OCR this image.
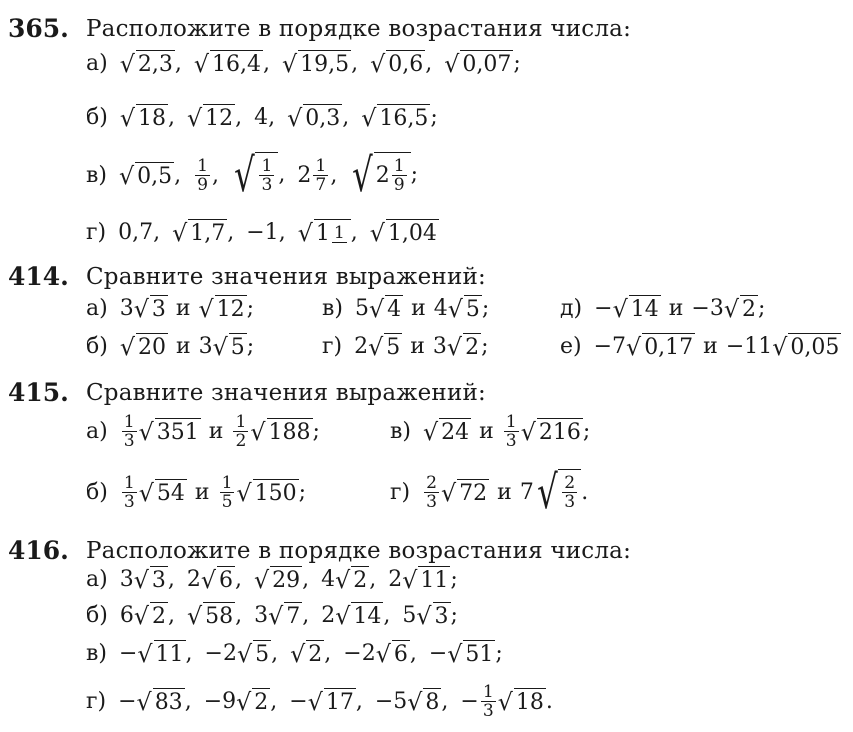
365. Расположите в порядке возрастания числа:
а) √ 2,3 , √ 16,4 , √ 19,5 , √ 0,6 , √ 0,07 ;
б) √ 18 , √ 12 , 4 , √ 0,3 , √ 16,5 ;
в) √ 0,5 , $\frac{1}{9}$ , √ $\frac{1}{3}$ , $2 \frac{1}{7}$ , √ $2 \frac{1}{9}$ ;
г) 0,7 , √ 1,7 , −1 , √ 1 1 , √ 1,04
414. Сравните значения выражений:
а) 3 √ 3 и √ 12 ;	в) 5 √ 4 и 4 √ 5 ;	д) − √ 14 и −3 √ 2 ;
б) √ 20 и 3 √ 5 ;	г) 2 √ 5 и 3 √ 2 ;	е) −7 √ 0,17 и −11 √ 0,05
415. Сравните значения выражений:
$а) \frac{1}{3}$ √ 351 и $\frac{1}{2}$ √ 188 ;	в) √ 24 и $\frac{1}{3}$ √ 216 ;
$б) \frac{1}{3}$ √ 54 и $\frac{1}{5}$ √ 150 ;	$г) \frac{2}{3}$ √ 72 и 7 √ $\frac{2}{3}$ .
416. Расположите в порядке возрастания числа:
а) 3 √ 3 , 2 √ 6 , √ 29 , 4 √ 2 , 2 √ 11 ;
б) 6 √ 2 , √ 58 , 3 √ 7 , 2 √ 14 , 5 √ 3 ;
в) − √ 11 , −2 √ 5 , √ 2 , −2 √ 6 , − √ 51 ;
г) − √ 83 , −9 √ 2 , − √ 17 , −5 √ 8 , − $\frac{1}{3}$ √ 18 .
